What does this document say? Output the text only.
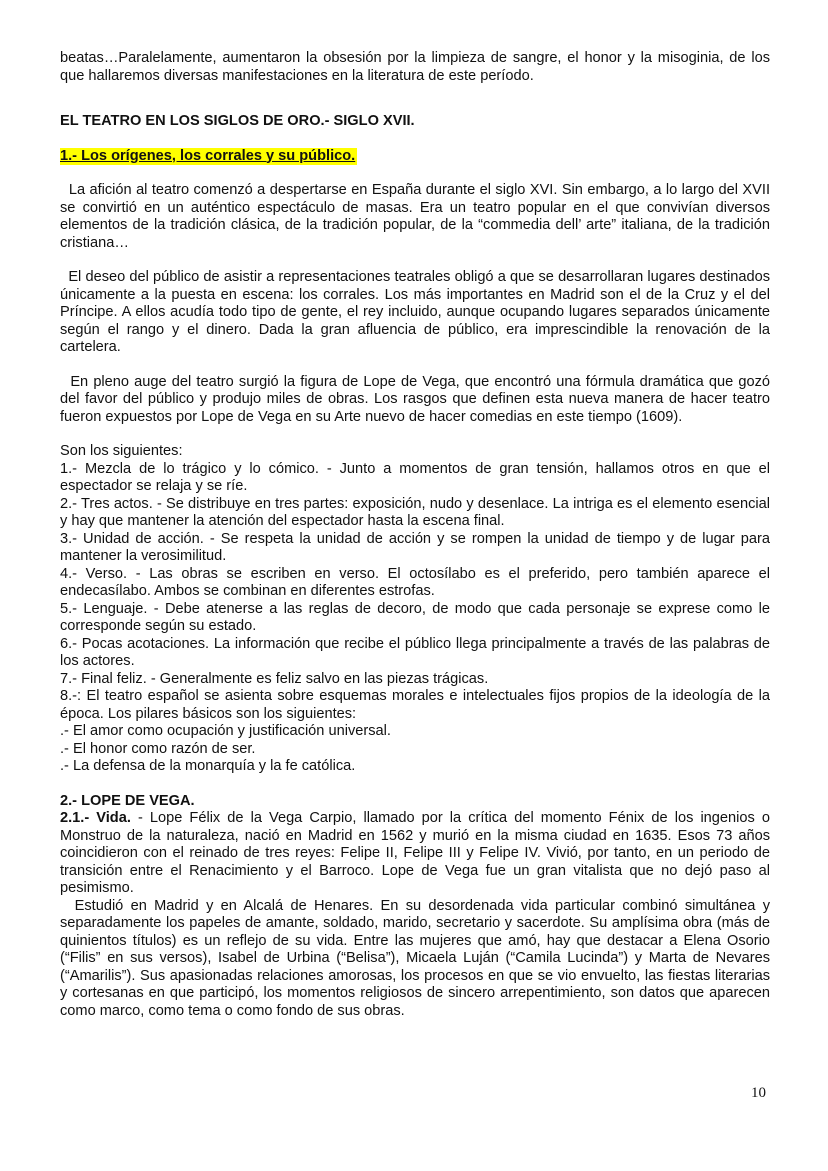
beatas…Paralelamente, aumentaron la obsesión por la limpieza de sangre, el honor y la misoginia, de los que hallaremos diversas manifestaciones en la literatura de este período.

EL TEATRO EN LOS SIGLOS DE ORO.- SIGLO XVII.

1.- Los orígenes, los corrales y su público.

La afición al teatro comenzó a despertarse en España durante el siglo XVI. Sin embargo, a lo largo del XVII se convirtió en un auténtico espectáculo de masas. Era un teatro popular en el que convivían diversos elementos de la tradición clásica, de la tradición popular, de la “commedia dell’ arte” italiana, de la tradición cristiana…

El deseo del público de asistir a representaciones teatrales obligó a que se desarrollaran lugares destinados únicamente a la puesta en escena: los corrales. Los más importantes en Madrid son el de la Cruz y el del Príncipe. A ellos acudía todo tipo de gente, el rey incluido, aunque ocupando lugares separados únicamente según el rango y el dinero. Dada la gran afluencia de público, era imprescindible la renovación de la cartelera.

En pleno auge del teatro surgió la figura de Lope de Vega, que encontró una fórmula dramática que gozó del favor del público y produjo miles de obras. Los rasgos que definen esta nueva manera de hacer teatro fueron expuestos por Lope de Vega en su Arte nuevo de hacer comedias en este tiempo (1609).

Son los siguientes:

1.- Mezcla de lo trágico y lo cómico. - Junto a momentos de gran tensión, hallamos otros en que el espectador se relaja y se ríe.

2.- Tres actos. - Se distribuye en tres partes: exposición, nudo y desenlace. La intriga es el elemento esencial y hay que mantener la atención del espectador hasta la escena final.

3.- Unidad de acción. - Se respeta la unidad de acción y se rompen la unidad de tiempo y de lugar para mantener la verosimilitud.

4.- Verso. - Las obras se escriben en verso. El octosílabo es el preferido, pero también aparece el endecasílabo. Ambos se combinan en diferentes estrofas.

5.- Lenguaje. - Debe atenerse a las reglas de decoro, de modo que cada personaje se exprese como le corresponde según su estado.

6.- Pocas acotaciones. La información que recibe el público llega principalmente a través de las palabras de los actores.

7.- Final feliz. - Generalmente es feliz salvo en las piezas trágicas.

8.-: El teatro español se asienta sobre esquemas morales e intelectuales fijos propios de la ideología de la época. Los pilares básicos son los siguientes:

.- El amor como ocupación y justificación universal.

.- El honor como razón de ser.

.- La defensa de la monarquía y la fe católica.

2.- LOPE DE VEGA.

2.1.- Vida. - Lope Félix de la Vega Carpio, llamado por la crítica del momento Fénix de los ingenios o Monstruo de la naturaleza, nació en Madrid en 1562 y murió en la misma ciudad en 1635. Esos 73 años coincidieron con el reinado de tres reyes: Felipe II, Felipe III y Felipe IV. Vivió, por tanto, en un periodo de transición entre el Renacimiento y el Barroco. Lope de Vega fue un gran vitalista que no dejó paso al pesimismo.

Estudió en Madrid y en Alcalá de Henares. En su desordenada vida particular combinó simultánea y separadamente los papeles de amante, soldado, marido, secretario y sacerdote. Su amplísima obra (más de quinientos títulos) es un reflejo de su vida. Entre las mujeres que amó, hay que destacar a Elena Osorio (“Filis” en sus versos), Isabel de Urbina (“Belisa”), Micaela Luján (“Camila Lucinda”) y Marta de Nevares (“Amarilis”). Sus apasionadas relaciones amorosas, los procesos en que se vio envuelto, las fiestas literarias y cortesanas en que participó, los momentos religiosos de sincero arrepentimiento, son datos que aparecen como marco, como tema o como fondo de sus obras.

10
